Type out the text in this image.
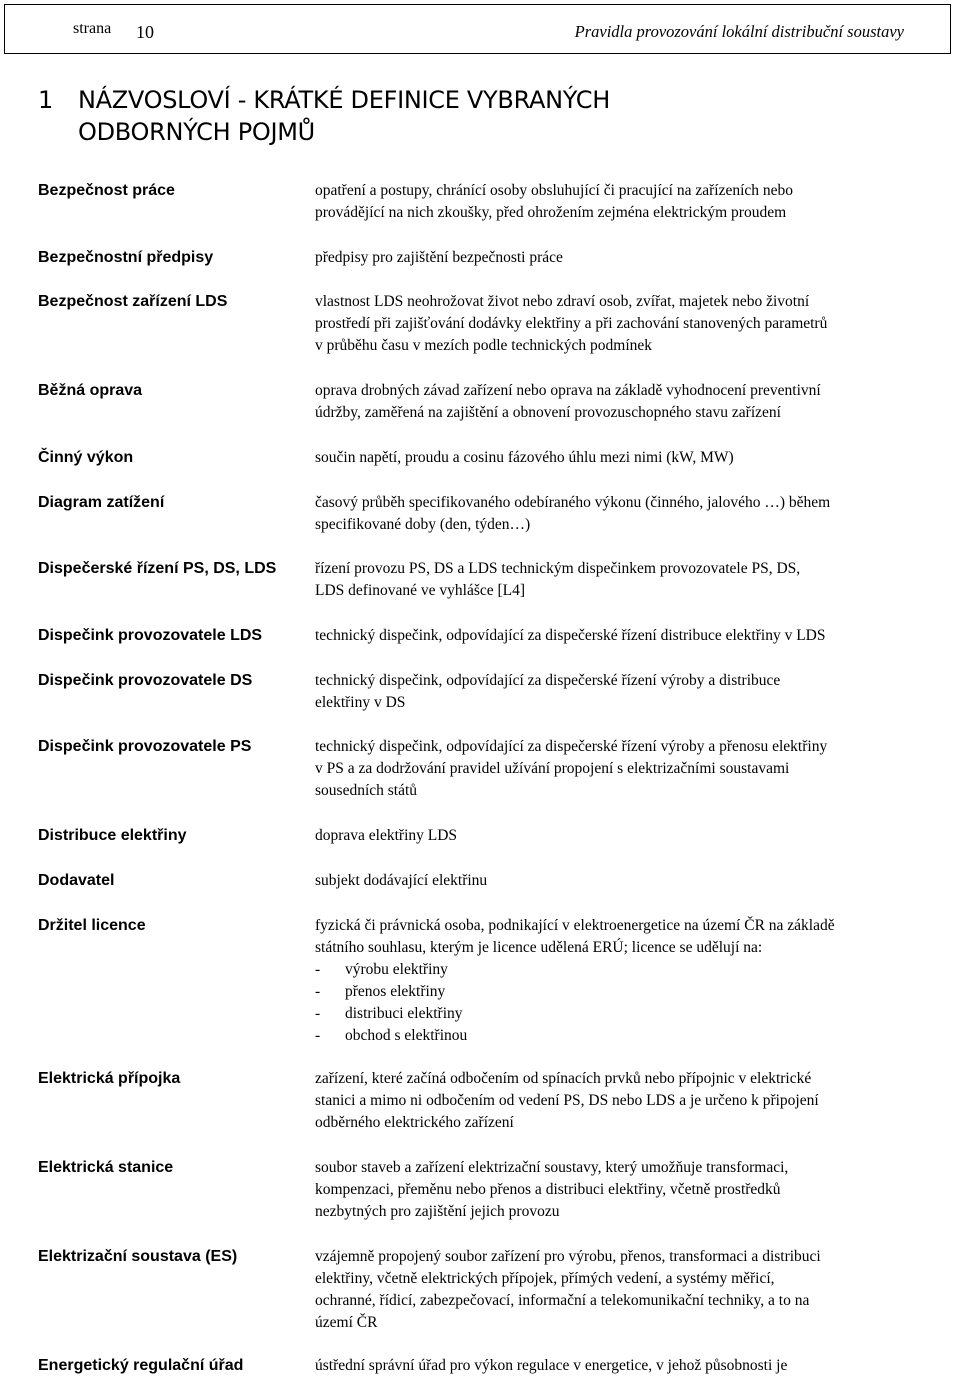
strana 10	Pravidla provozování lokální distribuční soustavy
1 NÁZVOSLOVÍ - KRÁTKÉ DEFINICE VYBRANÝCH
ODBORNÝCH POJMŮ
Bezpečnost práce	opatření a postupy, chránící osoby obsluhující či pracující na zařízeních nebo
provádějící na nich zkoušky, před ohrožením zejména elektrickým proudem
Bezpečnostní předpisy	předpisy pro zajištění bezpečnosti práce
Bezpečnost zařízení LDS	vlastnost LDS neohrožovat život nebo zdraví osob, zvířat, majetek nebo životní
prostředí při zajišťování dodávky elektřiny a při zachování stanovených parametrů
v průběhu času v mezích podle technických podmínek
Běžná oprava	oprava drobných závad zařízení nebo oprava na základě vyhodnocení preventivní
údržby, zaměřená na zajištění a obnovení provozuschopného stavu zařízení
Činný výkon	součin napětí, proudu a cosinu fázového úhlu mezi nimi (kW, MW)
Diagram zatížení	časový průběh specifikovaného odebíraného výkonu (činného, jalového …) během
specifikované doby (den, týden…)
Dispečerské řízení PS, DS, LDS	řízení provozu PS, DS a LDS technickým dispečinkem provozovatele PS, DS,
LDS definované ve vyhlášce [L4]
Dispečink provozovatele LDS	technický dispečink, odpovídající za dispečerské řízení distribuce elektřiny v LDS
Dispečink provozovatele DS	technický dispečink, odpovídající za dispečerské řízení výroby a distribuce
elektřiny v DS
Dispečink provozovatele PS	technický dispečink, odpovídající za dispečerské řízení výroby a přenosu elektřiny
v PS a za dodržování pravidel užívání propojení s elektrizačními soustavami
sousedních států
Distribuce elektřiny	doprava elektřiny LDS
Dodavatel	subjekt dodávající elektřinu
Držitel licence	fyzická či právnická osoba, podnikající v elektroenergetice na území ČR na základě
státního souhlasu, kterým je licence udělená ERÚ; licence se udělují na:
- výrobu elektřiny
- přenos elektřiny
- distribuci elektřiny
- obchod s elektřinou
Elektrická přípojka	zařízení, které začíná odbočením od spínacích prvků nebo přípojnic v elektrické
stanici a mimo ni odbočením od vedení PS, DS nebo LDS a je určeno k připojení
odběrného elektrického zařízení
Elektrická stanice	soubor staveb a zařízení elektrizační soustavy, který umožňuje transformaci,
kompenzaci, přeměnu nebo přenos a distribuci elektřiny, včetně prostředků
nezbytných pro zajištění jejich provozu
Elektrizační soustava (ES)	vzájemně propojený soubor zařízení pro výrobu, přenos, transformaci a distribuci
elektřiny, včetně elektrických přípojek, přímých vedení, a systémy měřicí,
ochranné, řídicí, zabezpečovací, informační a telekomunikační techniky, a to na
území ČR
Energetický regulační úřad	ústřední správní úřad pro výkon regulace v energetice, v jehož působnosti je
